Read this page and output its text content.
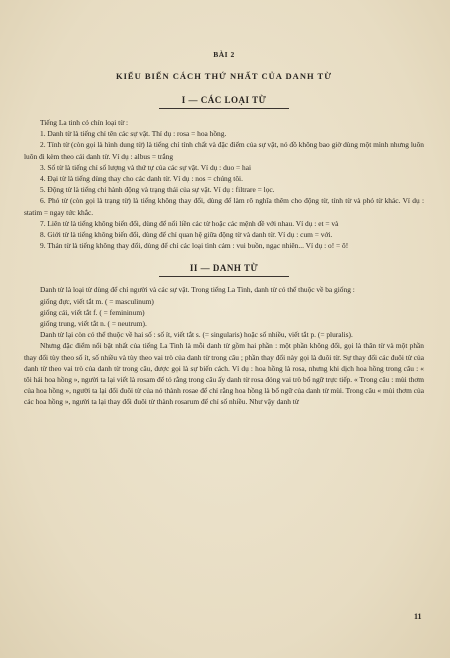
BÀI 2

KIỂU BIẾN CÁCH THỨ NHẤT CỦA DANH TỪ

I — CÁC LOẠI TỪ

Tiếng La tinh có chín loại từ :

1. Danh từ là tiếng chỉ tên các sự vật. Thí dụ : rosa = hoa hồng.

2. Tính từ (còn gọi là hình dung từ) là tiếng chỉ tính chất và đặc điểm của sự vật, nó đồ không bao giờ dùng một mình nhưng luôn luôn đi kèm theo cái danh từ. Ví dụ : albus = trắng

3. Số từ là tiếng chỉ số lượng và thứ tự của các sự vật. Ví dụ : duo = hai

4. Đại từ là tiếng dùng thay cho các danh từ. Ví dụ : nos = chúng tôi.

5. Động từ là tiếng chỉ hành động và trạng thái của sự vật. Ví dụ : filtrare = lọc.

6. Phó từ (còn gọi là trạng từ) là tiếng không thay đổi, dùng để làm rõ nghĩa thêm cho động từ, tính từ và phó từ khác. Ví dụ : statim = ngay tức khắc.

7. Liên từ là tiếng không biến đổi, dùng để nối liền các từ hoặc các mệnh đề với nhau. Ví dụ : et = và

8. Giới từ là tiếng không biến đổi, dùng để chỉ quan hệ giữa động từ và danh từ. Ví dụ : cum = với.

9. Thán từ là tiếng không thay đổi, dùng để chỉ các loại tình cảm : vui buồn, ngạc nhiên... Ví dụ : o! = ô!

II — DANH TỪ

Danh từ là loại từ dùng để chỉ người và các sự vật. Trong tiếng La Tinh, danh từ có thể thuộc về ba giống :

giống đực, viết tắt m. ( = masculinum)

giống cái, viết tắt f. ( = femininum)

giống trung, viết tắt n. ( = neutrum).

Danh từ lại còn có thể thuộc về hai số : số ít, viết tắt s. (= singularis) hoặc số nhiều, viết tắt p. (= pluralis).

Nhưng đặc điểm nổi bật nhất của tiếng La Tinh là mỗi danh từ gồm hai phần : một phần không đổi, gọi là thân từ và một phần thay đổi tùy theo số ít, số nhiều và tùy theo vai trò của danh từ trong câu ; phần thay đổi này gọi là đuôi từ. Sự thay đổi các đuôi từ của danh từ theo vai trò của danh từ trong câu, được gọi là sự biến cách. Ví dụ : hoa hồng là rosa, nhưng khi dịch hoa hồng trong câu : « tôi hái hoa hồng », người ta lại viết là rosam để tỏ rằng trong câu ấy danh từ rosa đóng vai trò bổ ngữ trực tiếp. « Trong câu : mùi thơm của hoa hồng », người ta lại đổi đuôi từ của nó thành rosae để chỉ rằng hoa hồng là bổ ngữ của danh từ mùi. Trong câu « mùi thơm của các hoa hồng », người ta lại thay đổi đuôi từ thành rosarum để chỉ số nhiều. Như vậy danh từ

11
